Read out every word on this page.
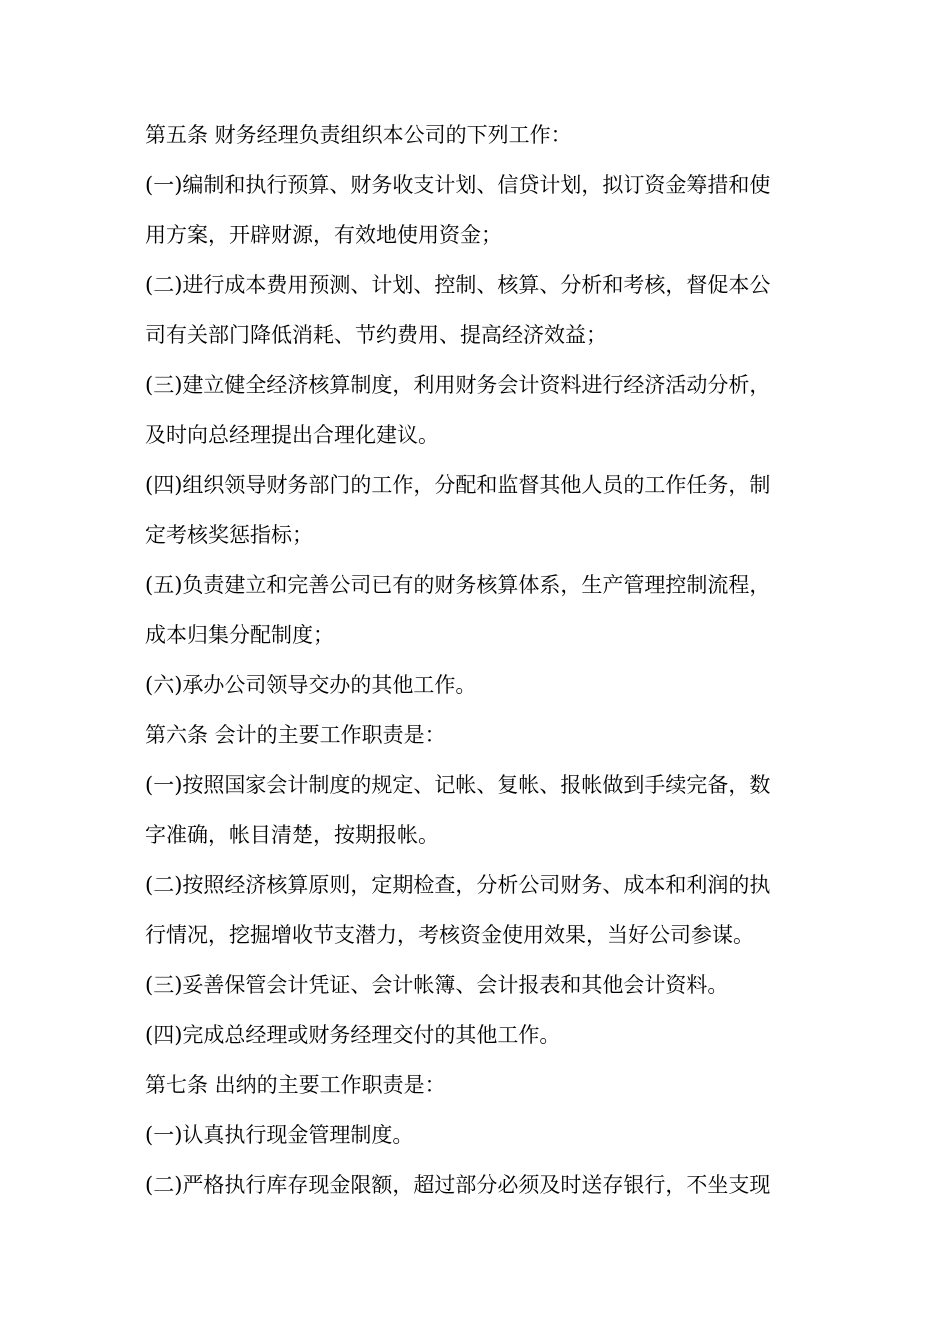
第五条 财务经理负责组织本公司的下列工作：
(一)编制和执行预算、财务收支计划、信贷计划，拟订资金筹措和使
用方案，开辟财源，有效地使用资金；
(二)进行成本费用预测、计划、控制、核算、分析和考核，督促本公
司有关部门降低消耗、节约费用、提高经济效益；
(三)建立健全经济核算制度，利用财务会计资料进行经济活动分析，
及时向总经理提出合理化建议。
(四)组织领导财务部门的工作，分配和监督其他人员的工作任务，制
定考核奖惩指标；
(五)负责建立和完善公司已有的财务核算体系，生产管理控制流程，
成本归集分配制度；
(六)承办公司领导交办的其他工作。
第六条 会计的主要工作职责是：
(一)按照国家会计制度的规定、记帐、复帐、报帐做到手续完备，数
字准确，帐目清楚，按期报帐。
(二)按照经济核算原则，定期检查，分析公司财务、成本和利润的执
行情况，挖掘增收节支潜力，考核资金使用效果，当好公司参谋。
(三)妥善保管会计凭证、会计帐簿、会计报表和其他会计资料。
(四)完成总经理或财务经理交付的其他工作。
第七条 出纳的主要工作职责是：
(一)认真执行现金管理制度。
(二)严格执行库存现金限额，超过部分必须及时送存银行，不坐支现
